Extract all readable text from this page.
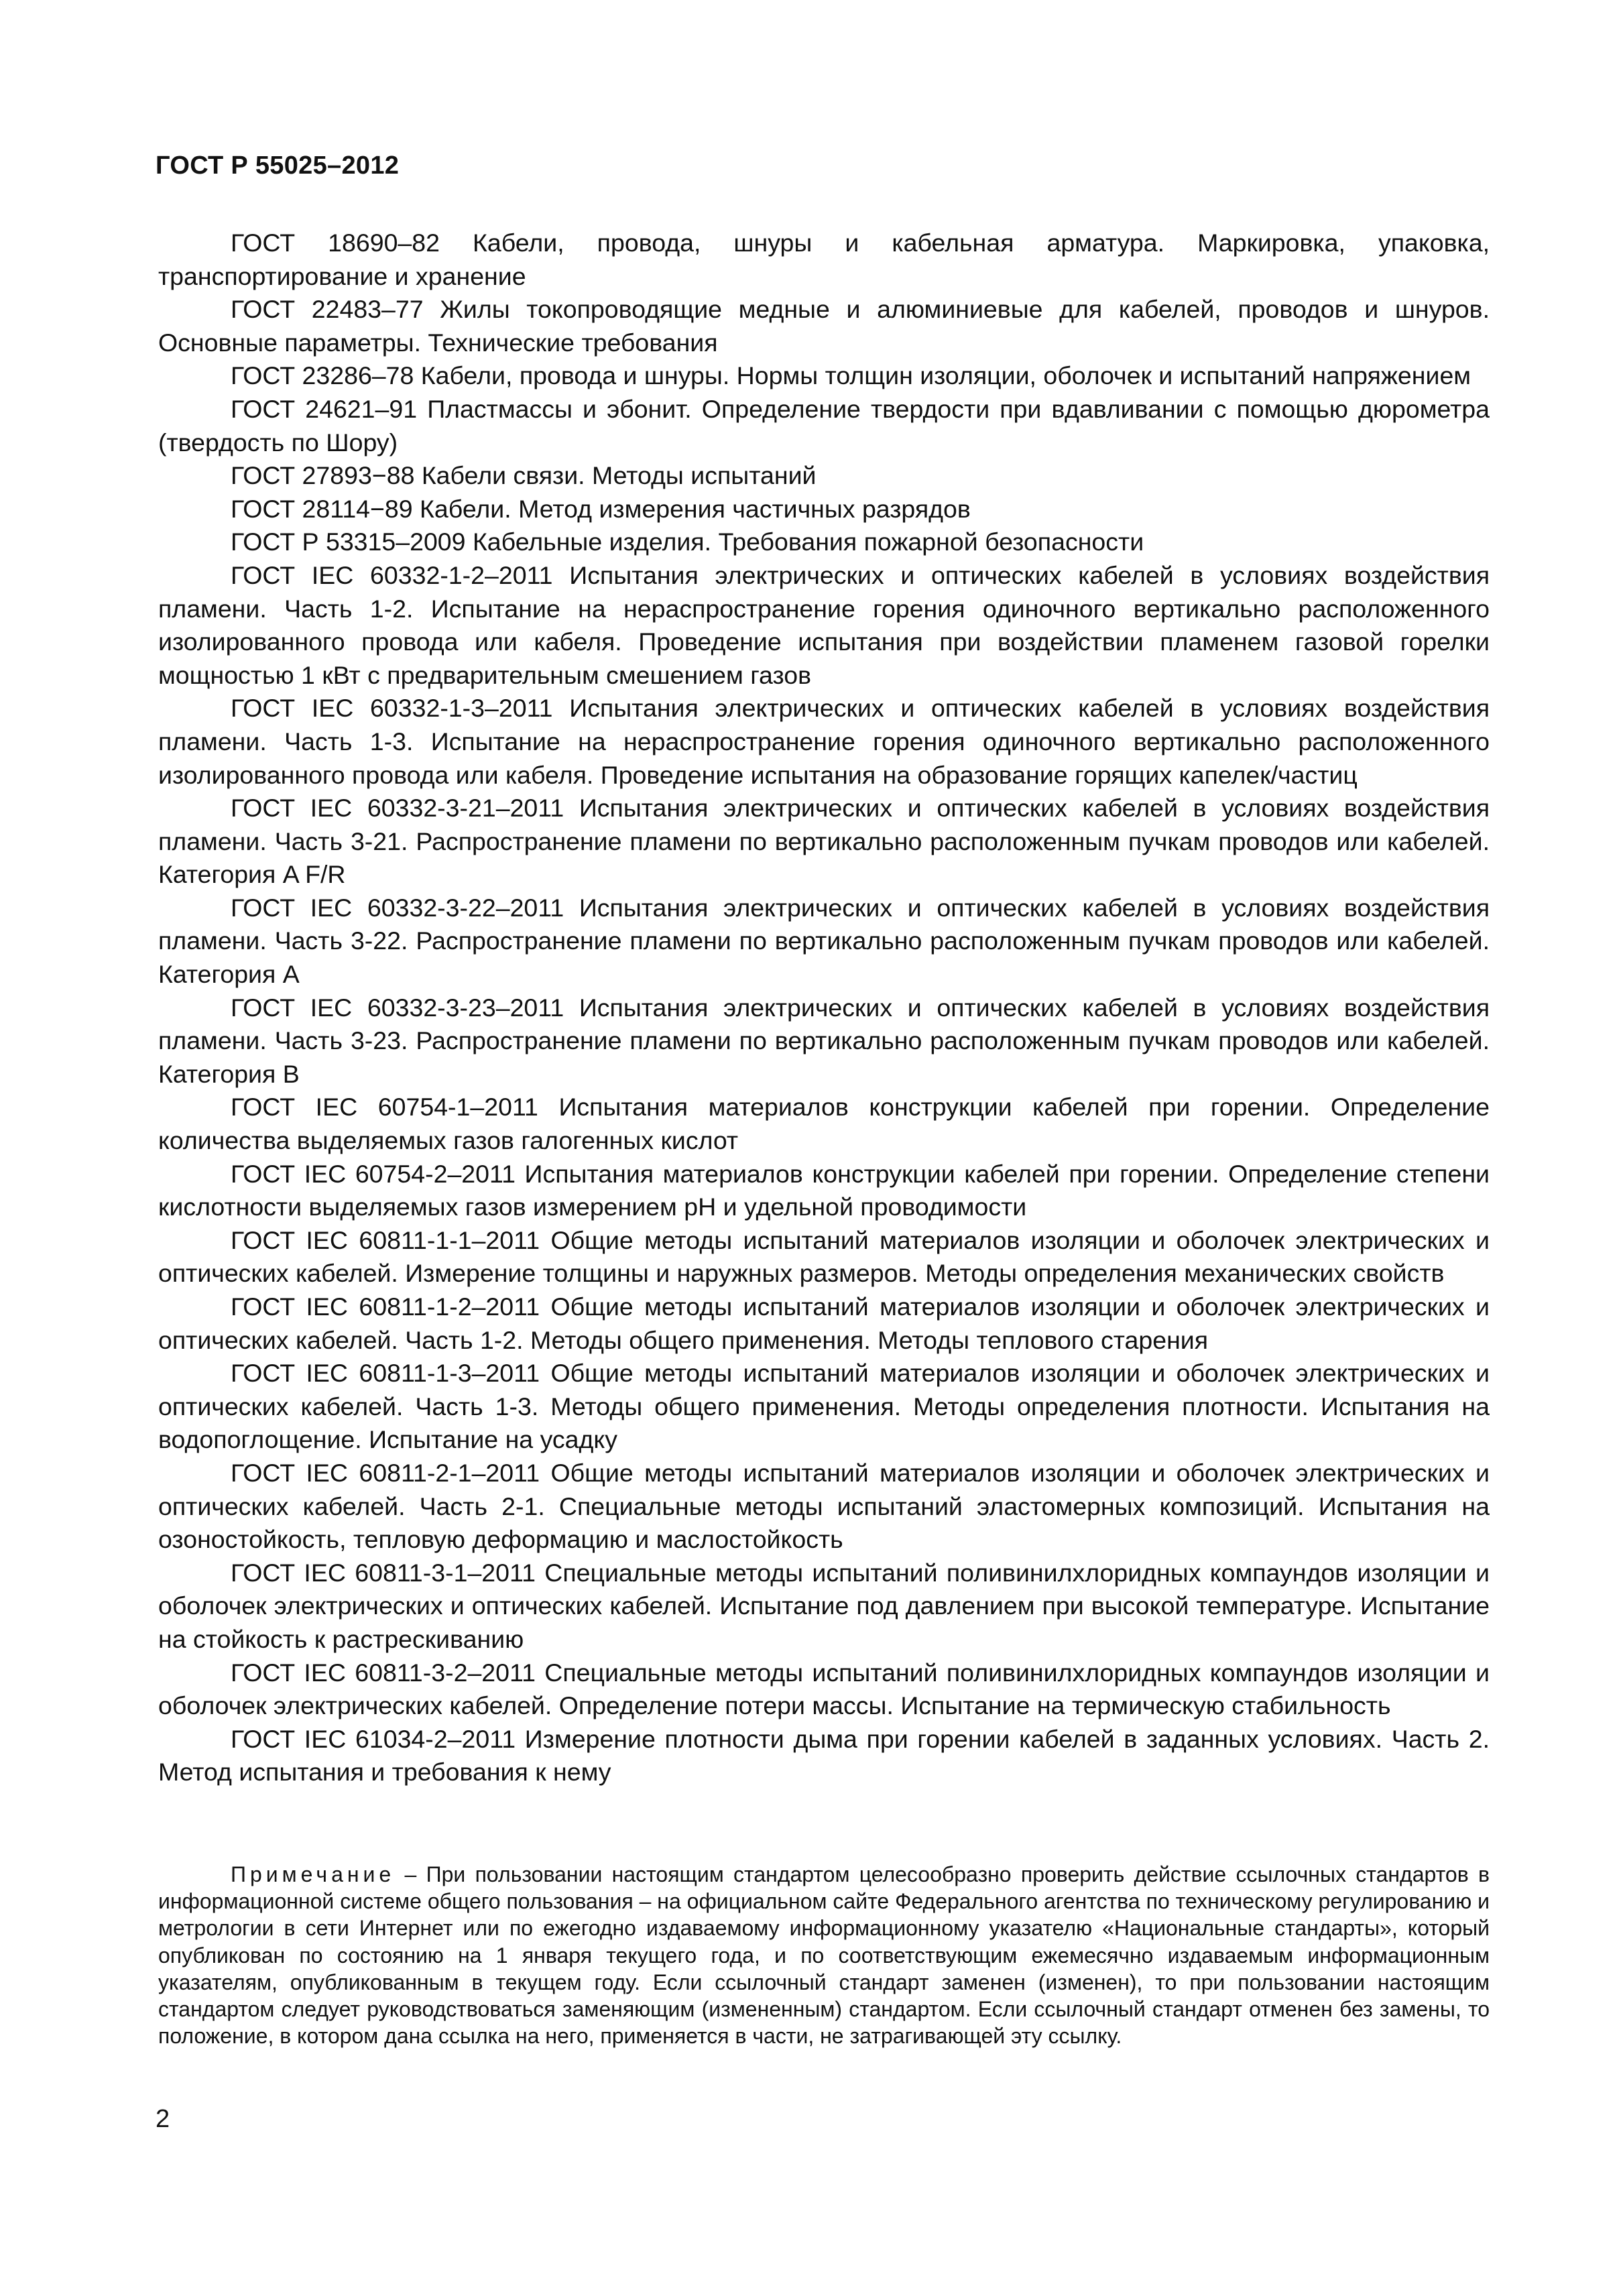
ГОСТ Р 55025–2012
ГОСТ 18690–82 Кабели, провода, шнуры и кабельная арматура. Маркировка, упаковка, транспортирование и хранение
ГОСТ 22483–77 Жилы токопроводящие медные и алюминиевые для кабелей, проводов и шнуров. Основные параметры. Технические требования
ГОСТ 23286–78 Кабели, провода и шнуры. Нормы толщин изоляции, оболочек и испытаний напряжением
ГОСТ 24621–91 Пластмассы и эбонит. Определение твердости при вдавливании с помощью дюрометра (твердость по Шору)
ГОСТ 27893−88 Кабели связи. Методы испытаний
ГОСТ 28114−89 Кабели. Метод измерения частичных разрядов
ГОСТ Р 53315–2009 Кабельные изделия. Требования пожарной безопасности
ГОСТ IEC 60332-1-2–2011 Испытания электрических и оптических кабелей в условиях воздействия пламени. Часть 1-2. Испытание на нераспространение горения одиночного вертикально расположенного изолированного провода или кабеля. Проведение испытания при воздействии пламенем газовой горелки мощностью 1 кВт с предварительным смешением газов
ГОСТ IEC 60332-1-3–2011 Испытания электрических и оптических кабелей в условиях воздействия пламени. Часть 1-3. Испытание на нераспространение горения одиночного вертикально расположенного изолированного провода или кабеля. Проведение испытания на образование горящих капелек/частиц
ГОСТ IEC 60332-3-21–2011 Испытания электрических и оптических кабелей в условиях воздействия пламени. Часть 3-21. Распространение пламени по вертикально расположенным пучкам проводов или кабелей. Категория A F/R
ГОСТ IEC 60332-3-22–2011 Испытания электрических и оптических кабелей в условиях воздействия пламени. Часть 3-22. Распространение пламени по вертикально расположенным пучкам проводов или кабелей. Категория А
ГОСТ IEC 60332-3-23–2011 Испытания электрических и оптических кабелей в условиях воздействия пламени. Часть 3-23. Распространение пламени по вертикально расположенным пучкам проводов или кабелей. Категория В
ГОСТ IEC 60754-1–2011 Испытания материалов конструкции кабелей при горении. Определение количества выделяемых газов галогенных кислот
ГОСТ IEC 60754-2–2011 Испытания материалов конструкции кабелей при горении. Определение степени кислотности выделяемых газов измерением pH и удельной проводимости
ГОСТ IEC 60811-1-1–2011 Общие методы испытаний материалов изоляции и оболочек электрических и оптических кабелей. Измерение толщины и наружных размеров. Методы определения механических свойств
ГОСТ IEC 60811-1-2–2011 Общие методы испытаний материалов изоляции и оболочек электрических и оптических кабелей. Часть 1-2. Методы общего применения. Методы теплового старения
ГОСТ IEC 60811-1-3–2011 Общие методы испытаний материалов изоляции и оболочек электрических и оптических кабелей. Часть 1-3. Методы общего применения. Методы определения плотности. Испытания на водопоглощение. Испытание на усадку
ГОСТ IEC 60811-2-1–2011 Общие методы испытаний материалов изоляции и оболочек электрических и оптических кабелей. Часть 2-1. Специальные методы испытаний эластомерных композиций. Испытания на озоностойкость, тепловую деформацию и маслостойкость
ГОСТ IEC 60811-3-1–2011 Специальные методы испытаний поливинилхлоридных компаундов изоляции и оболочек электрических и оптических кабелей. Испытание под давлением при высокой температуре. Испытание на стойкость к растрескиванию
ГОСТ IEC 60811-3-2–2011 Специальные методы испытаний поливинилхлоридных компаундов изоляции и оболочек электрических кабелей. Определение потери массы. Испытание на термическую стабильность
ГОСТ IEC 61034-2–2011 Измерение плотности дыма при горении кабелей в заданных условиях. Часть 2. Метод испытания и требования к нему
Примечание – При пользовании настоящим стандартом целесообразно проверить действие ссылочных стандартов в информационной системе общего пользования – на официальном сайте Федерального агентства по техническому регулированию и метрологии в сети Интернет или по ежегодно издаваемому информационному указателю «Национальные стандарты», который опубликован по состоянию на 1 января текущего года, и по соответствующим ежемесячно издаваемым информационным указателям, опубликованным в текущем году. Если ссылочный стандарт заменен (изменен), то при пользовании настоящим стандартом следует руководствоваться заменяющим (измененным) стандартом. Если ссылочный стандарт отменен без замены, то положение, в котором дана ссылка на него, применяется в части, не затрагивающей эту ссылку.
2
